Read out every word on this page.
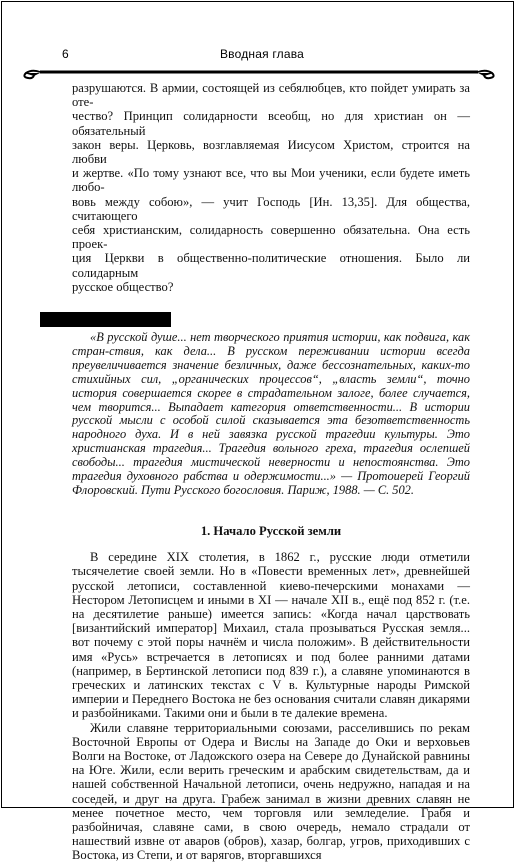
6	Вводная глава

разрушаются. В армии, состоящей из себялюбцев, кто пойдет умирать за оте-

чество? Принцип солидарности всеобщ, но для христиан он — обязательный

закон веры. Церковь, возглавляемая Иисусом Христом, строится на любви

и жертве. «По тому узнают все, что вы Мои ученики, если будете иметь любо-

вовь между собою», — учит Господь [Ин. 13,35]. Для общества, считающего

себя христианским, солидарность совершенно обязательна. Она есть проек-

ция Церкви в общественно-политические отношения. Было ли солидарным

русское общество?

«В русской душе... нет творческого приятия истории, как подвига, как стран-ствия, как дела... В русском переживании истории всегда преувеличивается значение безличных, даже бессознательных, каких-то стихийных сил, „органических процессов“, „власть земли“, точно история совершается скорее в страдательном залоге, более случается, чем творится... Выпадает категория ответственности... В истории русской мысли с особой силой сказывается эта безответственность народного духа. И в ней завязка русской трагедии культуры. Это христианская трагедия... Трагедия вольного греха, трагедия ослепшей свободы... трагедия мистической неверности и непостоянства. Это трагедия духовного рабства и одержимости...» — Протоиерей Георгий Флоровский. Пути Русского богословия. Париж, 1988. — С. 502.

1. Начало Русской земли

В середине XIX столетия, в 1862 г., русские люди отметили тысячелетие своей земли. Но в «Повести временных лет», древнейшей русской летописи, составленной киево-печерскими монахами — Нестором Летописцем и иными в XI — начале XII в., ещё под 852 г. (т.е. на десятилетие раньше) имеется запись: «Когда начал царствовать [византийский император] Михаил, стала прозываться Русская земля... вот почему с этой поры начнём и числа положим». В действительности имя «Русь» встречается в летописях и под более ранними датами (например, в Бертинской летописи под 839 г.), а славяне упоминаются в греческих и латинских текстах с V в. Культурные народы Римской империи и Переднего Востока не без основания считали славян дикарями и разбойниками. Такими они и были в те далекие времена.

Жили славяне территориальными союзами, расселившись по рекам Восточной Европы от Одера и Вислы на Западе до Оки и верховьев Волги на Востоке, от Ладожского озера на Севере до Дунайской равнины на Юге. Жили, если верить греческим и арабским свидетельствам, да и нашей собственной Начальной летописи, очень недружно, нападая и на соседей, и друг на друга. Грабеж занимал в жизни древних славян не менее почетное место, чем торговля или земледелие. Грабя и разбойничая, славяне сами, в свою очередь, немало страдали от нашествий извне от аваров (обров), хазар, болгар, угров, приходивших с Востока, из Степи, и от варягов, вторгавшихся
